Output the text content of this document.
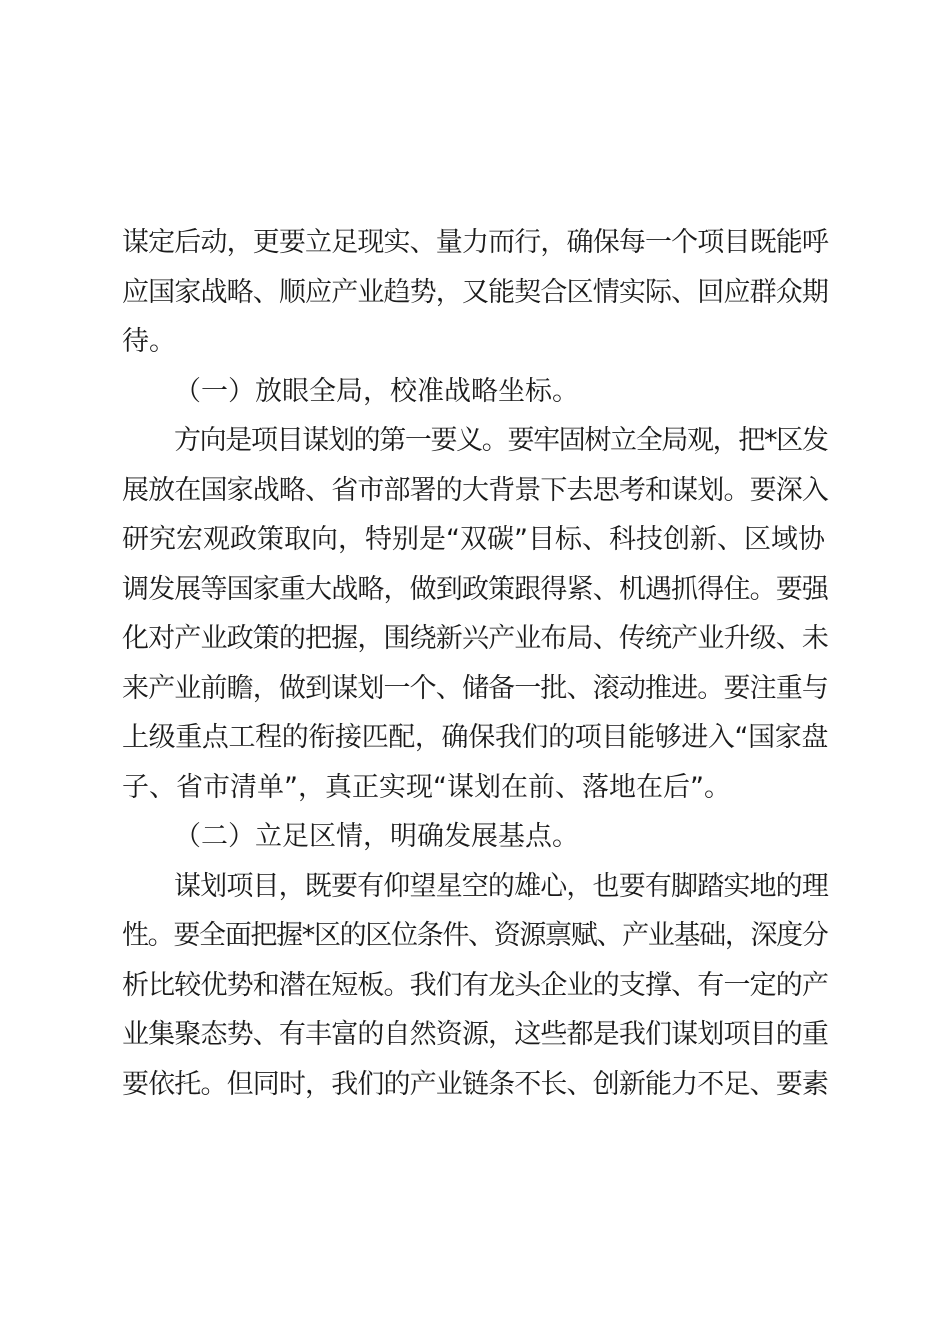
谋定后动，更要立足现实、量力而行，确保每一个项目既能呼
应国家战略、顺应产业趋势，又能契合区情实际、回应群众期
待。
（一）放眼全局，校准战略坐标。
方向是项目谋划的第一要义。要牢固树立全局观，把*区发
展放在国家战略、省市部署的大背景下去思考和谋划。要深入
研究宏观政策取向，特别是“双碳”目标、科技创新、区域协
调发展等国家重大战略，做到政策跟得紧、机遇抓得住。要强
化对产业政策的把握，围绕新兴产业布局、传统产业升级、未
来产业前瞻，做到谋划一个、储备一批、滚动推进。要注重与
上级重点工程的衔接匹配，确保我们的项目能够进入“国家盘
子、省市清单”，真正实现“谋划在前、落地在后”。
（二）立足区情，明确发展基点。
谋划项目，既要有仰望星空的雄心，也要有脚踏实地的理
性。要全面把握*区的区位条件、资源禀赋、产业基础，深度分
析比较优势和潜在短板。我们有龙头企业的支撑、有一定的产
业集聚态势、有丰富的自然资源，这些都是我们谋划项目的重
要依托。但同时，我们的产业链条不长、创新能力不足、要素
